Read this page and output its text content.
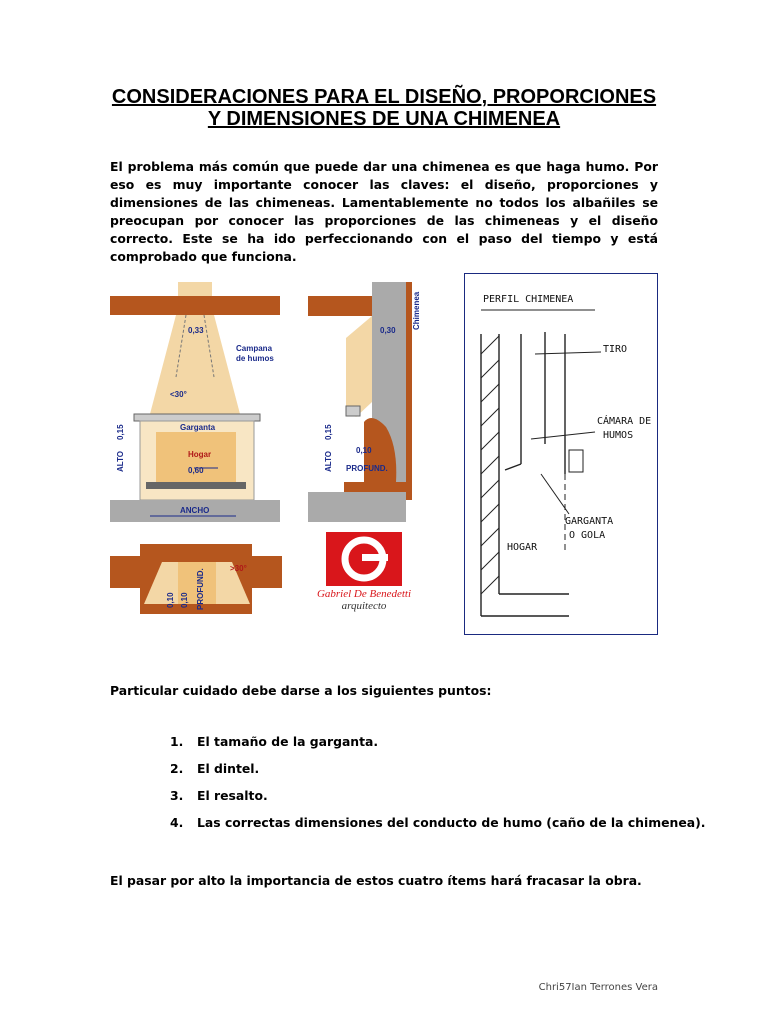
CONSIDERACIONES PARA EL DISEÑO, PROPORCIONES
Y DIMENSIONES DE UNA CHIMENEA

El problema más común que puede dar una chimenea es que haga humo. Por eso es muy importante conocer las claves: el diseño, proporciones y dimensiones de las chimeneas. Lamentablemente no todos los albañiles se preocupan por conocer las proporciones de las chimeneas y el diseño correcto. Este se ha ido perfeccionando con el paso del tiempo y está comprobado que funciona.

0,33
Campana
de humos
<30°
Garganta
Hogar
0,60
ALTO
0,15
ANCHO
0,30
Chimenea
0,10
PROFUND.
ALTO
0,15
>30°
0,10 0,10 PROFUND.	Gabriel De Benedetti
arquitecto
PERFIL CHIMENEA
TIRO
CÁMARA DE
HUMOS
GARGANTA
O GOLA
HOGAR
Particular cuidado debe darse a los siguientes puntos:
1. El tamaño de la garganta.
2. El dintel.
3. El resalto.
4. Las correctas dimensiones del conducto de humo (caño de la chimenea).
El pasar por alto la importancia de estos cuatro ítems hará fracasar la obra.
Chri57Ian Terrones Vera
